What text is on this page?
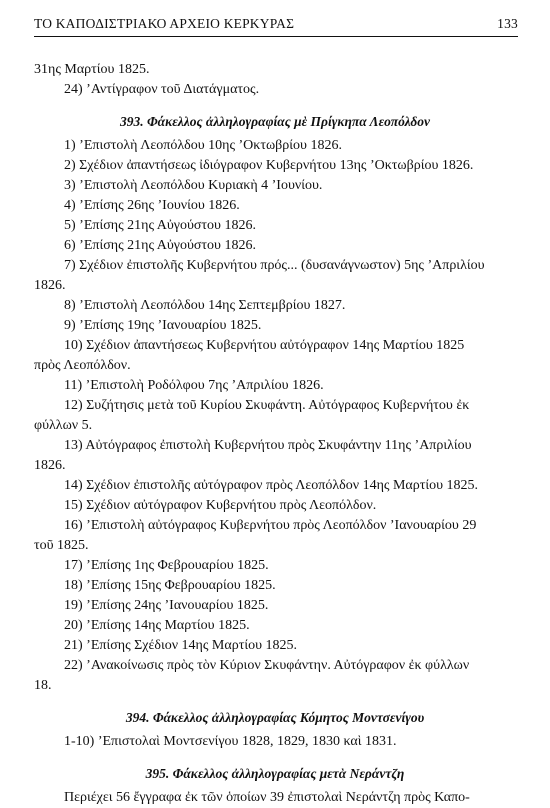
ΤΟ ΚΑΠΟΔΙΣΤΡΙΑΚΟ ΑΡΧΕΙΟ ΚΕΡΚΥΡΑΣ	133
31ης Μαρτίου 1825.
24) ’Αντίγραφον τοῦ Διατάγματος.
393. Φάκελλος ἀλληλογραφίας μὲ Πρίγκηπα Λεοπόλδον
1) ’Επιστολὴ Λεοπόλδου 10ης ’Οκτωβρίου 1826.
2) Σχέδιον ἀπαντήσεως ἰδιόγραφον Κυβερνήτου 13ης ’Οκτωβρίου 1826.
3) ’Επιστολὴ Λεοπόλδου Κυριακὴ 4 ’Ιουνίου.
4) ’Επίσης 26ης ’Ιουνίου 1826.
5) ’Επίσης 21ης Αὐγούστου 1826.
6) ’Επίσης 21ης Αὐγούστου 1826.
7) Σχέδιον ἐπιστολῆς Κυβερνήτου πρός... (δυσανάγνωστον) 5ης ’Απριλίου
1826.
8) ’Επιστολὴ Λεοπόλδου 14ης Σεπτεμβρίου 1827.
9) ’Επίσης 19ης ’Ιανουαρίου 1825.
10) Σχέδιον ἀπαντήσεως Κυβερνήτου αὐτόγραφον 14ης Μαρτίου 1825
πρὸς Λεοπόλδον.
11) ’Επιστολὴ Ροδόλφου 7ης ’Απριλίου 1826.
12) Συζήτησις μετὰ τοῦ Κυρίου Σκυφάντη. Αὐτόγραφος Κυβερνήτου ἐκ
φύλλων 5.
13) Αὐτόγραφος ἐπιστολὴ Κυβερνήτου πρὸς Σκυφάντην 11ης ’Απριλίου
1826.
14) Σχέδιον ἐπιστολῆς αὐτόγραφον πρὸς Λεοπόλδον 14ης Μαρτίου 1825.
15) Σχέδιον αὐτόγραφον Κυβερνήτου πρὸς Λεοπόλδον.
16) ’Επιστολὴ αὐτόγραφος Κυβερνήτου πρὸς Λεοπόλδον ’Ιανουαρίου 29
τοῦ 1825.
17) ’Επίσης 1ης Φεβρουαρίου 1825.
18) ’Επίσης 15ης Φεβρουαρίου 1825.
19) ’Επίσης 24ης ’Ιανουαρίου 1825.
20) ’Επίσης 14ης Μαρτίου 1825.
21) ’Επίσης Σχέδιον 14ης Μαρτίου 1825.
22) ’Ανακοίνωσις πρὸς τὸν Κύριον Σκυφάντην. Αὐτόγραφον ἐκ φύλλων
18.
394. Φάκελλος ἀλληλογραφίας Κόμητος Μοντσενίγου
1-10) ’Επιστολαὶ Μοντσενίγου 1828, 1829, 1830 καὶ 1831.
395. Φάκελλος ἀλληλογραφίας μετὰ Νεράντζη
Περιέχει 56 ἔγγραφα ἐκ τῶν ὁποίων 39 ἐπιστολαὶ Νεράντζη πρὸς Καπο-
